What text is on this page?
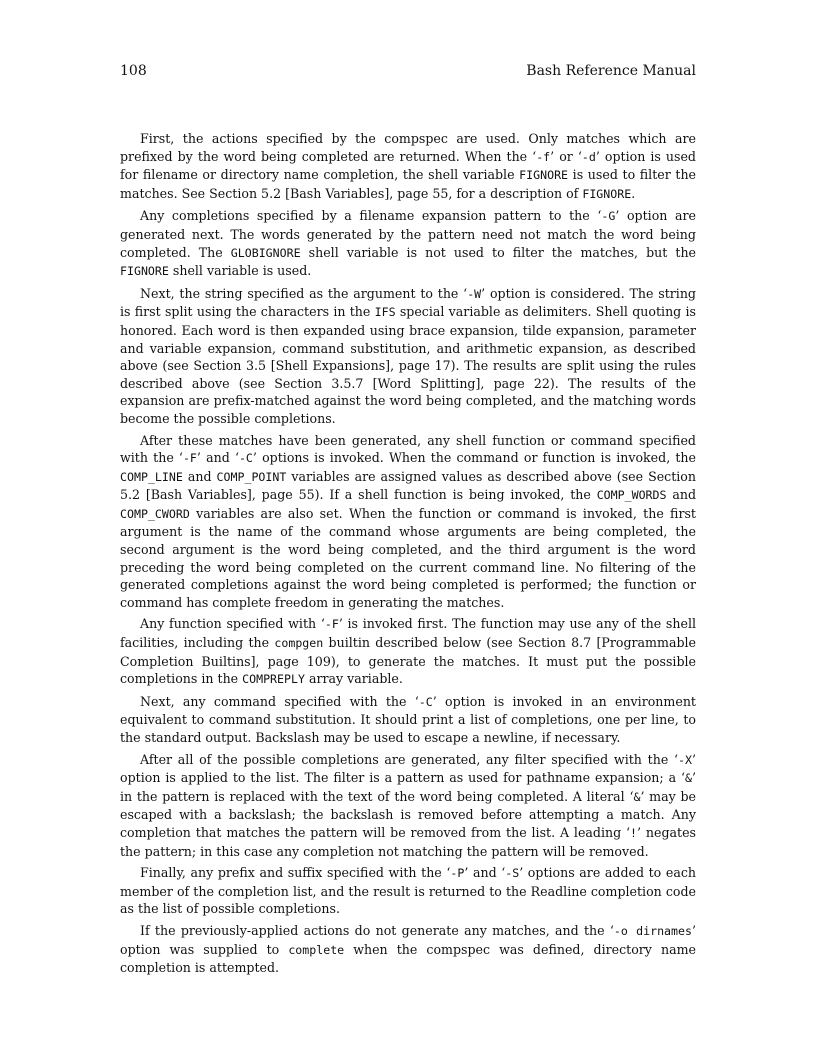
108	Bash Reference Manual

First, the actions specified by the compspec are used. Only matches which are prefixed by the word being completed are returned. When the ‘-f’ or ‘-d’ option is used for filename or directory name completion, the shell variable FIGNORE is used to filter the matches. See Section 5.2 [Bash Variables], page 55, for a description of FIGNORE.

Any completions specified by a filename expansion pattern to the ‘-G’ option are generated next. The words generated by the pattern need not match the word being completed. The GLOBIGNORE shell variable is not used to filter the matches, but the FIGNORE shell variable is used.

Next, the string specified as the argument to the ‘-W’ option is considered. The string is first split using the characters in the IFS special variable as delimiters. Shell quoting is honored. Each word is then expanded using brace expansion, tilde expansion, parameter and variable expansion, command substitution, and arithmetic expansion, as described above (see Section 3.5 [Shell Expansions], page 17). The results are split using the rules described above (see Section 3.5.7 [Word Splitting], page 22). The results of the expansion are prefix-matched against the word being completed, and the matching words become the possible completions.

After these matches have been generated, any shell function or command specified with the ‘-F’ and ‘-C’ options is invoked. When the command or function is invoked, the COMP_LINE and COMP_POINT variables are assigned values as described above (see Section 5.2 [Bash Variables], page 55). If a shell function is being invoked, the COMP_WORDS and COMP_CWORD variables are also set. When the function or command is invoked, the first argument is the name of the command whose arguments are being completed, the second argument is the word being completed, and the third argument is the word preceding the word being completed on the current command line. No filtering of the generated completions against the word being completed is performed; the function or command has complete freedom in generating the matches.

Any function specified with ‘-F’ is invoked first. The function may use any of the shell facilities, including the compgen builtin described below (see Section 8.7 [Programmable Completion Builtins], page 109), to generate the matches. It must put the possible completions in the COMPREPLY array variable.

Next, any command specified with the ‘-C’ option is invoked in an environment equivalent to command substitution. It should print a list of completions, one per line, to the standard output. Backslash may be used to escape a newline, if necessary.

After all of the possible completions are generated, any filter specified with the ‘-X’ option is applied to the list. The filter is a pattern as used for pathname expansion; a ‘&’ in the pattern is replaced with the text of the word being completed. A literal ‘&’ may be escaped with a backslash; the backslash is removed before attempting a match. Any completion that matches the pattern will be removed from the list. A leading ‘!’ negates the pattern; in this case any completion not matching the pattern will be removed.

Finally, any prefix and suffix specified with the ‘-P’ and ‘-S’ options are added to each member of the completion list, and the result is returned to the Readline completion code as the list of possible completions.

If the previously-applied actions do not generate any matches, and the ‘-o dirnames’ option was supplied to complete when the compspec was defined, directory name completion is attempted.
